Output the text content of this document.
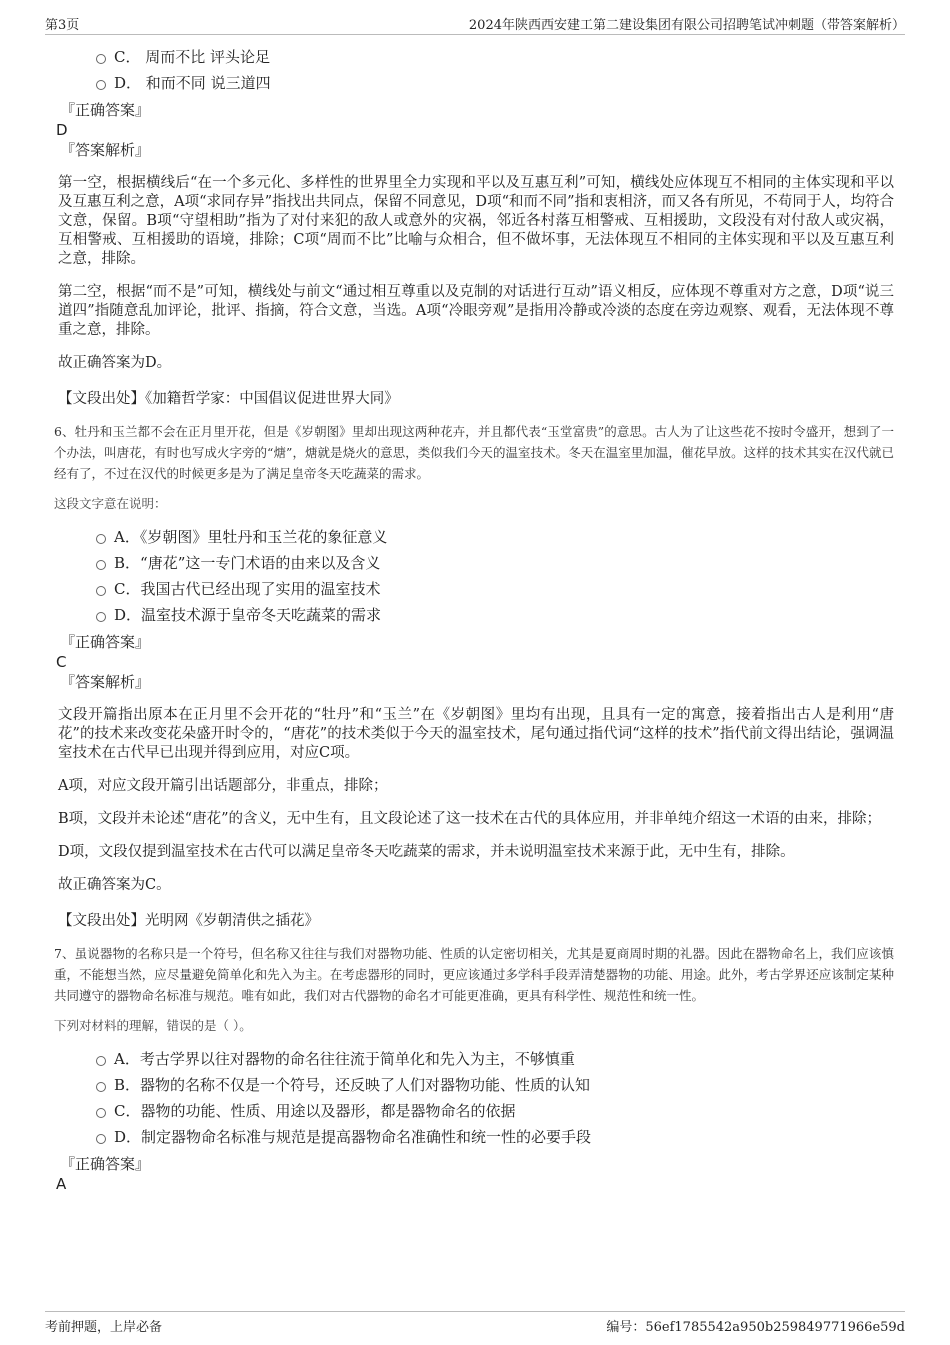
第3页	2024年陕西西安建工第二建设集团有限公司招聘笔试冲刺题（带答案解析）
C． 周而不比 评头论足
D． 和而不同 说三道四
『正确答案』
D
『答案解析』

第一空，根据横线后“在一个多元化、多样性的世界里全力实现和平以及互惠互利”可知，横线处应体现互不相同的主体实现和平以及互惠互利之意，A项“求同存异”指找出共同点，保留不同意见，D项“和而不同”指和衷相济，而又各有所见，不苟同于人，均符合文意，保留。B项“守望相助”指为了对付来犯的敌人或意外的灾祸，邻近各村落互相警戒、互相援助，文段没有对付敌人或灾祸，互相警戒、互相援助的语境，排除；C项“周而不比”比喻与众相合，但不做坏事，无法体现互不相同的主体实现和平以及互惠互利之意，排除。

第二空，根据“而不是”可知，横线处与前文“通过相互尊重以及克制的对话进行互动”语义相反，应体现不尊重对方之意，D项“说三道四”指随意乱加评论，批评、指摘，符合文意，当选。A项“冷眼旁观”是指用冷静或冷淡的态度在旁边观察、观看，无法体现不尊重之意，排除。

故正确答案为D。

【文段出处】《加籍哲学家：中国倡议促进世界大同》
6、牡丹和玉兰都不会在正月里开花，但是《岁朝图》里却出现这两种花卉，并且都代表“玉堂富贵”的意思。古人为了让这些花不按时令盛开，想到了一个办法，叫唐花，有时也写成火字旁的“煻”，煻就是烧火的意思，类似我们今天的温室技术。冬天在温室里加温，催花早放。这样的技术其实在汉代就已经有了，不过在汉代的时候更多是为了满足皇帝冬天吃蔬菜的需求。
这段文字意在说明：
A．《岁朝图》里牡丹和玉兰花的象征意义
B．“唐花”这一专门术语的由来以及含义
C．我国古代已经出现了实用的温室技术
D．温室技术源于皇帝冬天吃蔬菜的需求
『正确答案』
C
『答案解析』

文段开篇指出原本在正月里不会开花的“牡丹”和“玉兰”在《岁朝图》里均有出现，且具有一定的寓意，接着指出古人是利用“唐花”的技术来改变花朵盛开时令的，“唐花”的技术类似于今天的温室技术，尾句通过指代词“这样的技术”指代前文得出结论，强调温室技术在古代早已出现并得到应用，对应C项。

A项，对应文段开篇引出话题部分，非重点，排除；

B项，文段并未论述“唐花”的含义，无中生有，且文段论述了这一技术在古代的具体应用，并非单纯介绍这一术语的由来，排除；

D项，文段仅提到温室技术在古代可以满足皇帝冬天吃蔬菜的需求，并未说明温室技术来源于此，无中生有，排除。

故正确答案为C。

【文段出处】光明网《岁朝清供之插花》
7、虽说器物的名称只是一个符号，但名称又往往与我们对器物功能、性质的认定密切相关，尤其是夏商周时期的礼器。因此在器物命名上，我们应该慎重，不能想当然，应尽量避免简单化和先入为主。在考虑器形的同时，更应该通过多学科手段弄清楚器物的功能、用途。此外，考古学界还应该制定某种共同遵守的器物命名标准与规范。唯有如此，我们对古代器物的命名才可能更准确，更具有科学性、规范性和统一性。
下列对材料的理解，错误的是（ ）。
A．考古学界以往对器物的命名往往流于简单化和先入为主，不够慎重
B．器物的名称不仅是一个符号，还反映了人们对器物功能、性质的认知
C．器物的功能、性质、用途以及器形，都是器物命名的依据
D．制定器物命名标准与规范是提高器物命名准确性和统一性的必要手段
『正确答案』
A
考前押题，上岸必备	编号：56ef1785542a950b259849771966e59d
